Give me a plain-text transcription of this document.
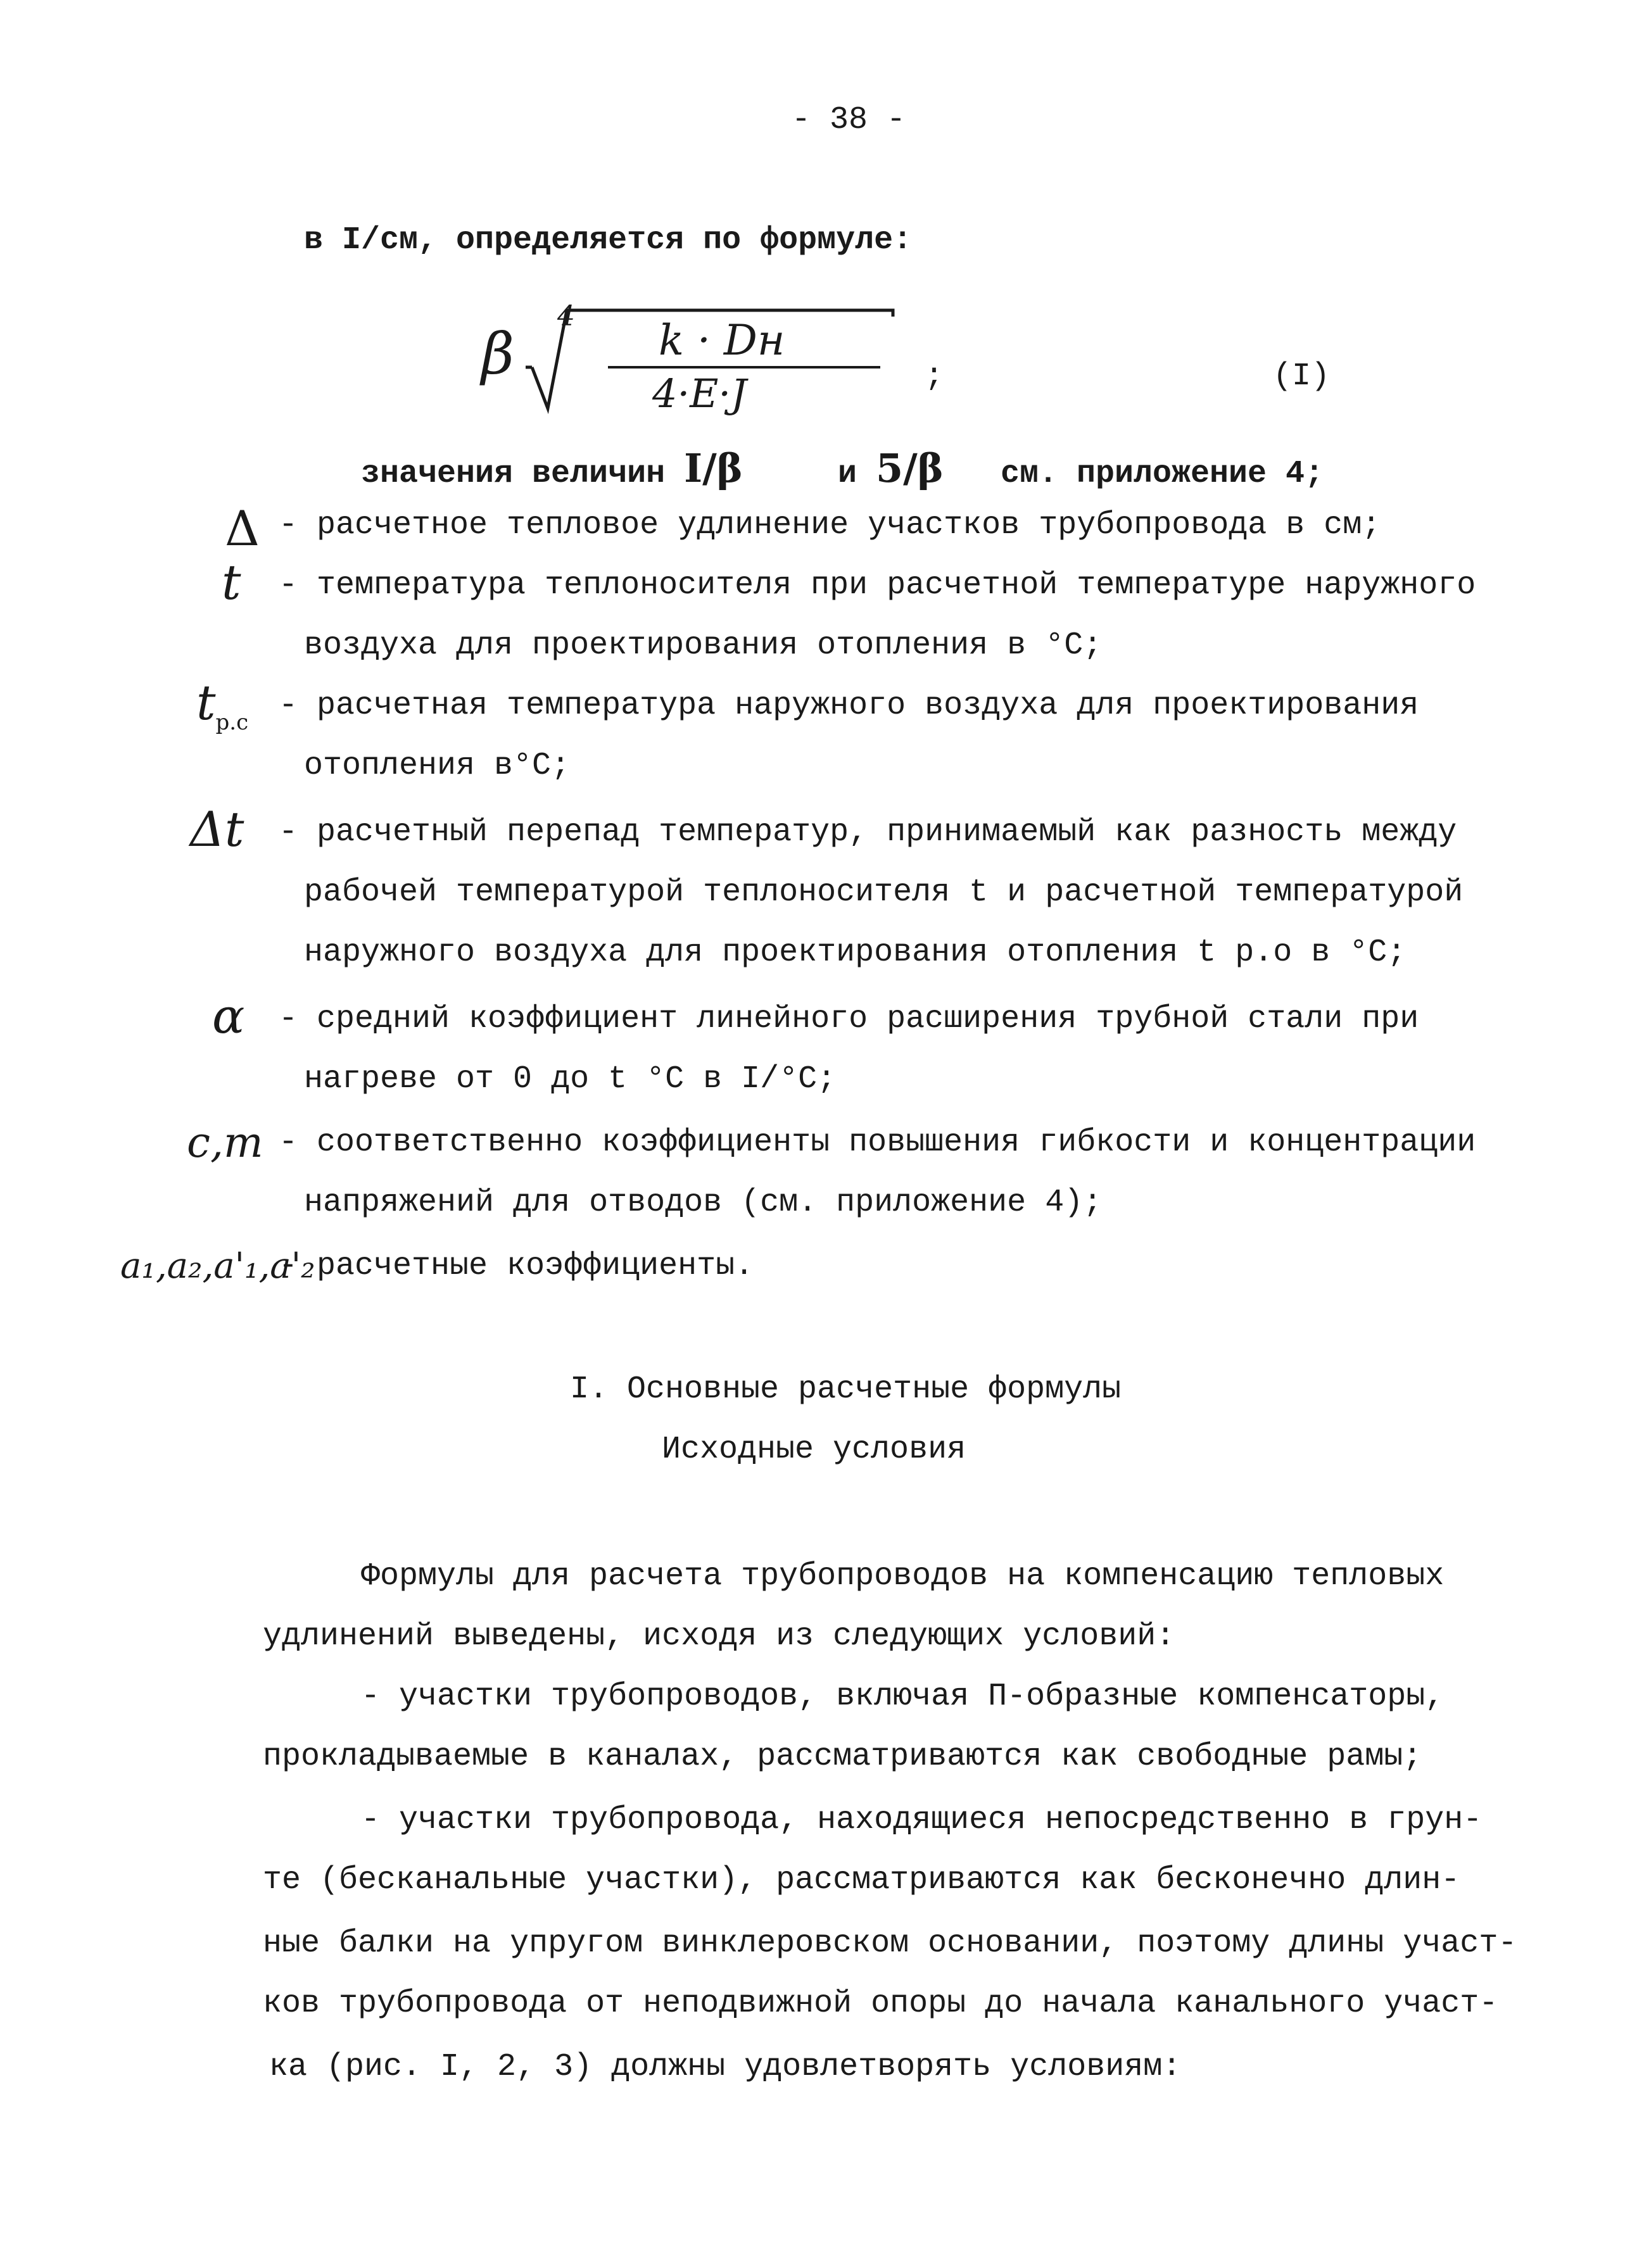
- 38 -
в I/см, определяется по формуле:
β
4 k · Dн
4·E·J	;	(I)
значения величин I/β	и 5/β см. приложение 4;
Δ - расчетное тепловое удлинение участков трубопровода в см;
t - температура теплоносителя при расчетной температуре наружного
воздуха для проектирования отопления в °С;
$t_{р.с}$ - расчетная температура наружного воздуха для проектирования
отопления в°С;
Δt - расчетный перепад температур, принимаемый как разность между
рабочей температурой теплоносителя t и расчетной температурой
наружного воздуха для проектирования отопления t р.о в °С;
α - средний коэффициент линейного расширения трубной стали при
нагреве от 0 до t °С в I/°С;
c,m - соответственно коэффициенты повышения гибкости и концентрации
напряжений для отводов (см. приложение 4);
a₁,a₂,a'₁,a'₂
- расчетные коэффициенты.
I. Основные расчетные формулы
Исходные условия
Формулы для расчета трубопроводов на компенсацию тепловых
удлинений выведены, исходя из следующих условий:
- участки трубопроводов, включая П-образные компенсаторы,
прокладываемые в каналах, рассматриваются как свободные рамы;
- участки трубопровода, находящиеся непосредственно в грун-
те (бесканальные участки), рассматриваются как бесконечно длин-
ные балки на упругом винклеровском основании, поэтому длины участ-
ков трубопровода от неподвижной опоры до начала канального участ-
ка (рис. I, 2, 3) должны удовлетворять условиям:
